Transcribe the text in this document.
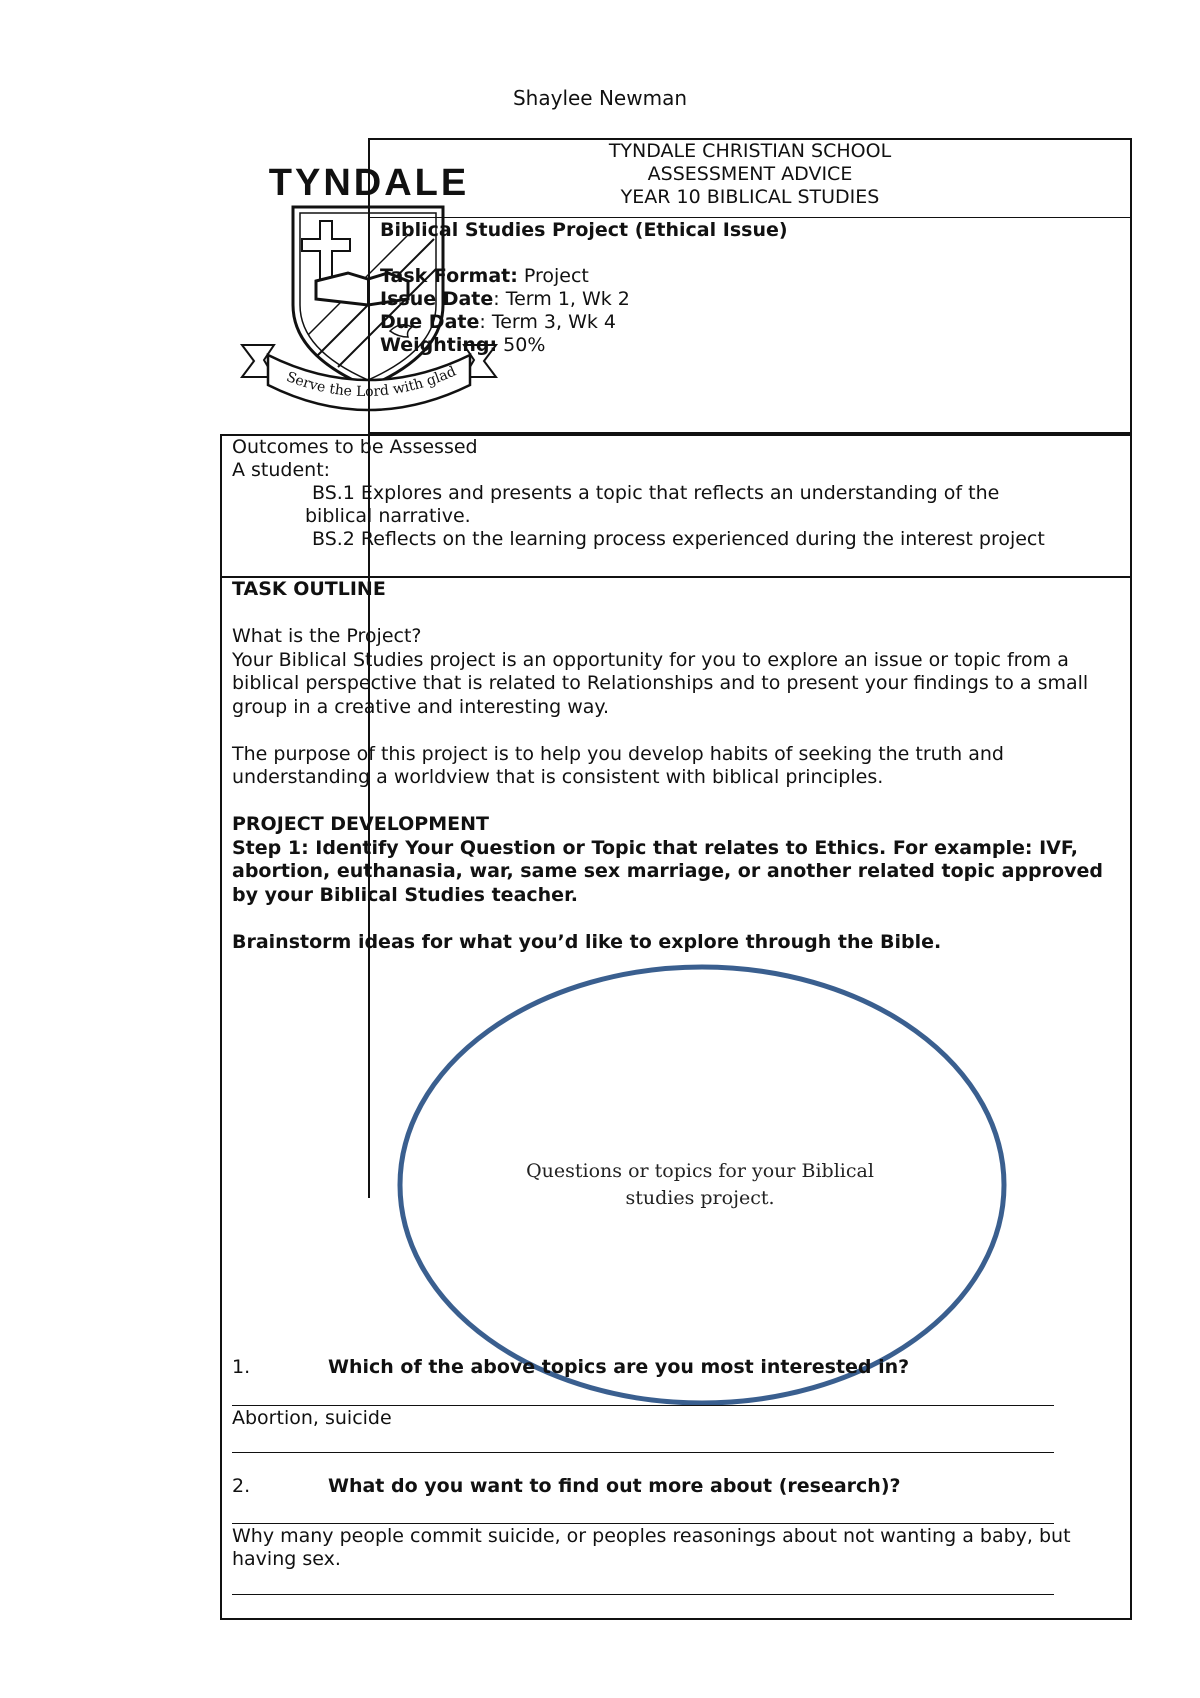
Shaylee Newman
TYNDALE
Serve the Lord with glad
TYNDALE CHRISTIAN SCHOOL
ASSESSMENT ADVICE
YEAR 10 BIBLICAL STUDIES
Biblical Studies Project (Ethical Issue)
Task Format: Project
Issue Date: Term 1, Wk 2
Due Date: Term 3, Wk 4
Weighting: 50%
Outcomes to be Assessed
A student:
BS.1 Explores and presents a topic that reflects an understanding of the
biblical narrative.
BS.2 Reflects on the learning process experienced during the interest project

TASK OUTLINE

What is the Project?

Your Biblical Studies project is an opportunity for you to explore an issue or topic from a biblical perspective that is related to Relationships and to present your findings to a small group in a creative and interesting way.

The purpose of this project is to help you develop habits of seeking the truth and understanding a worldview that is consistent with biblical principles.

PROJECT DEVELOPMENT

Step 1: Identify Your Question or Topic that relates to Ethics. For example: IVF, abortion, euthanasia, war, same sex marriage, or another related topic approved by your Biblical Studies teacher.

Brainstorm ideas for what you’d like to explore through the Bible.

Questions or topics for your Biblical studies project.
1.	Which of the above topics are you most interested in?
Abortion, suicide
2.	What do you want to find out more about (research)?
Why many people commit suicide, or peoples reasonings about not wanting a baby, but having sex.
